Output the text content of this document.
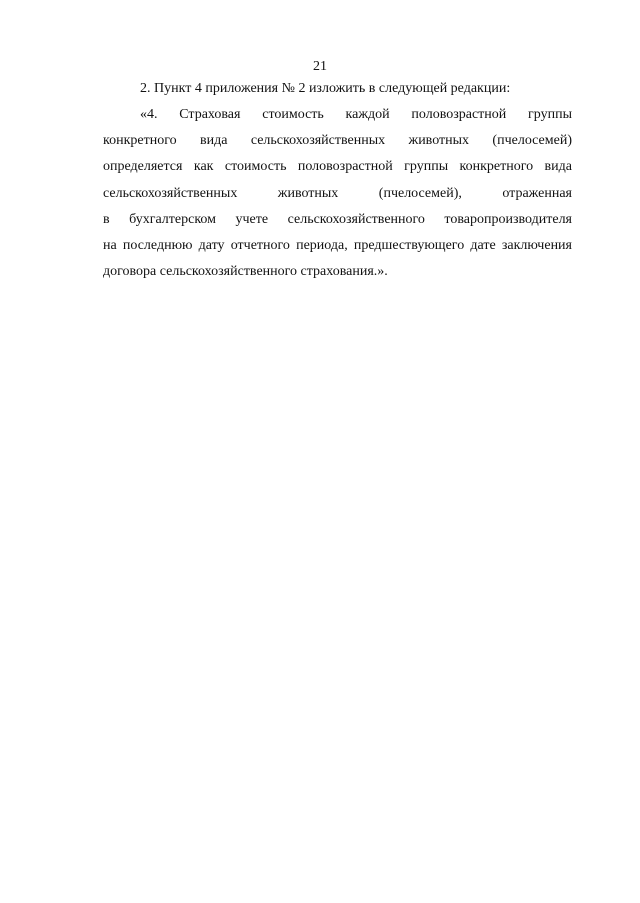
21
2. Пункт 4 приложения № 2 изложить в следующей редакции:
«4. Страховая стоимость каждой половозрастной группы
конкретного вида сельскохозяйственных животных (пчелосемей)
определяется как стоимость половозрастной группы конкретного вида
сельскохозяйственных животных (пчелосемей), отраженная
в бухгалтерском учете сельскохозяйственного товаропроизводителя
на последнюю дату отчетного периода, предшествующего дате заключения
договора сельскохозяйственного страхования.».
